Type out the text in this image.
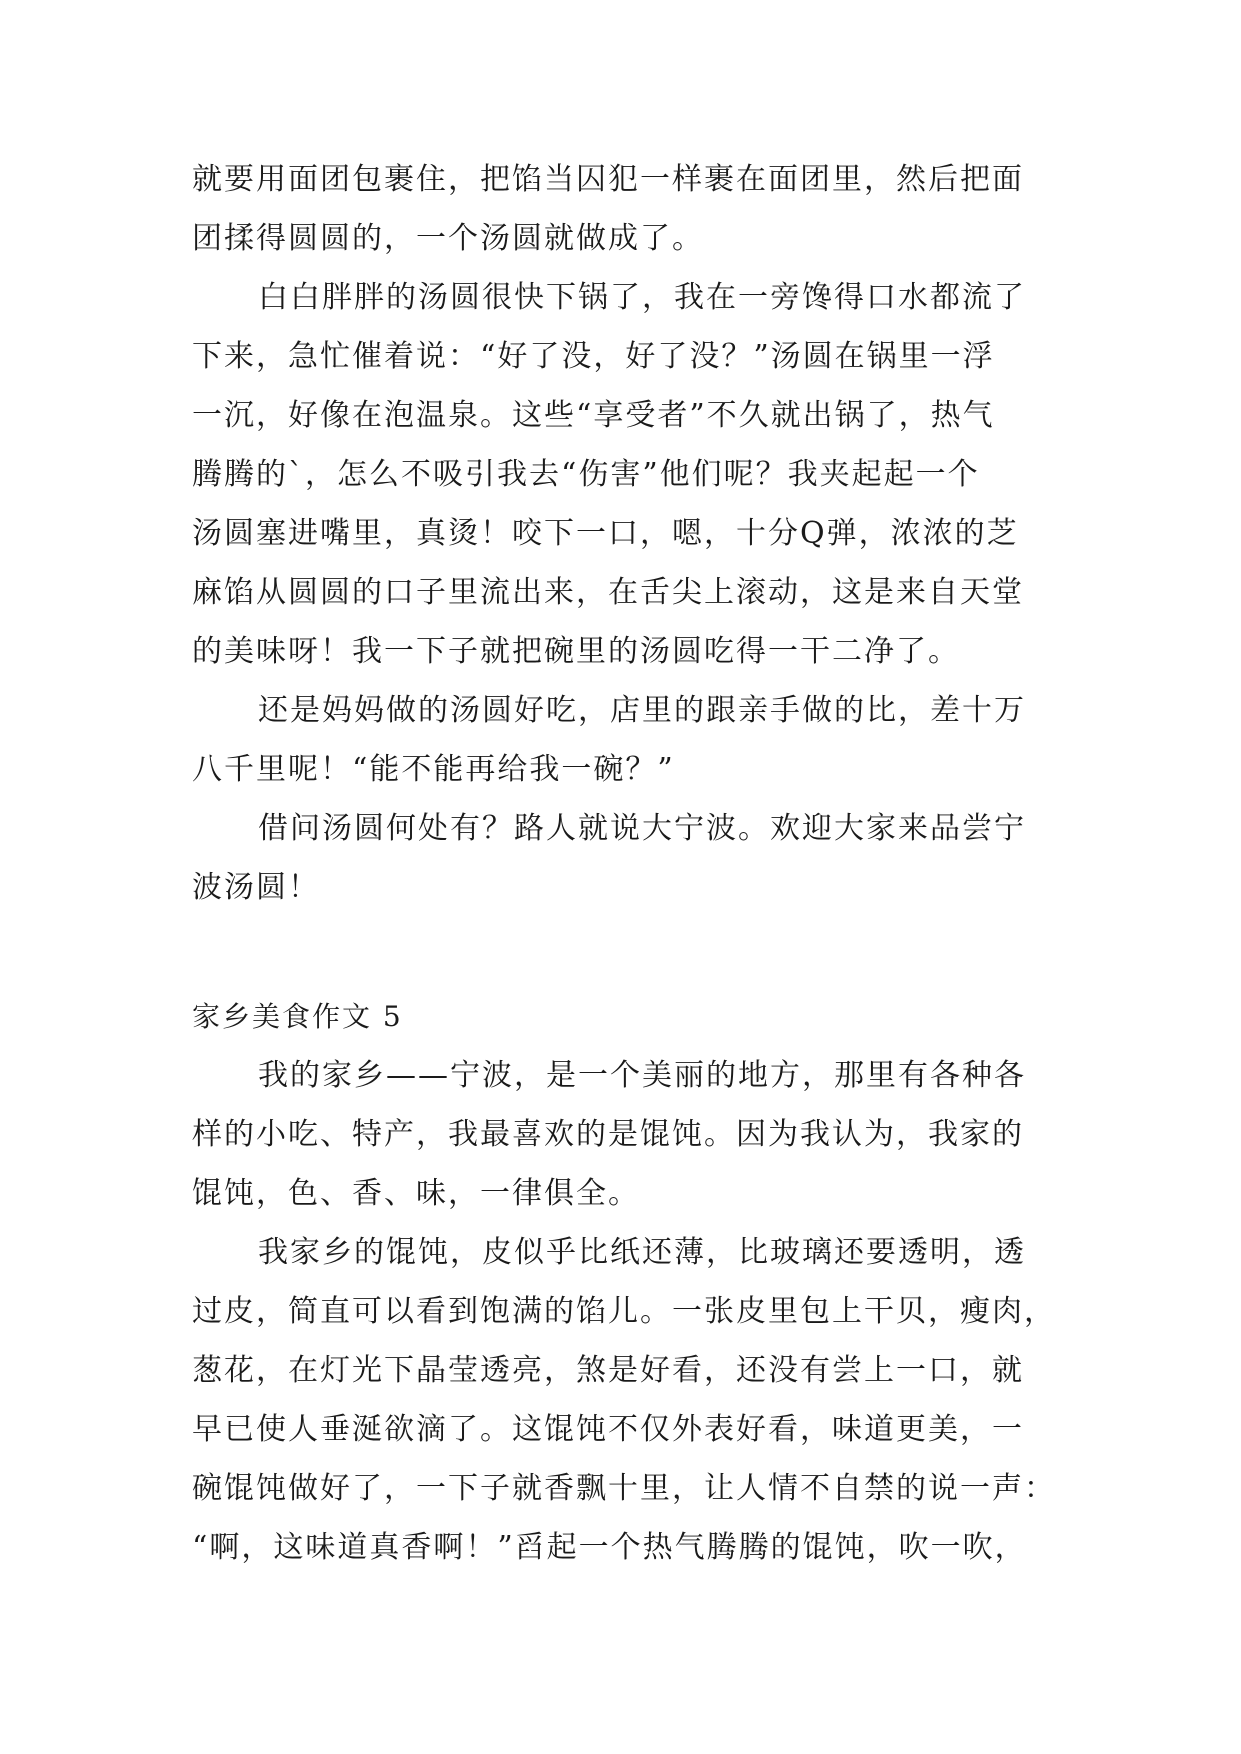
就要用面团包裹住，把馅当囚犯一样裹在面团里，然后把面
团揉得圆圆的，一个汤圆就做成了。
白白胖胖的汤圆很快下锅了，我在一旁馋得口水都流了
下来，急忙催着说：“好了没，好了没？”汤圆在锅里一浮
一沉，好像在泡温泉。这些“享受者”不久就出锅了，热气
腾腾的`，怎么不吸引我去“伤害”他们呢？我夹起起一个
汤圆塞进嘴里，真烫！咬下一口，嗯，十分Q弹，浓浓的芝
麻馅从圆圆的口子里流出来，在舌尖上滚动，这是来自天堂
的美味呀！我一下子就把碗里的汤圆吃得一干二净了。
还是妈妈做的汤圆好吃，店里的跟亲手做的比，差十万
八千里呢！“能不能再给我一碗？”
借问汤圆何处有？路人就说大宁波。欢迎大家来品尝宁
波汤圆！
家乡美食作文 5
我的家乡——宁波，是一个美丽的地方，那里有各种各
样的小吃、特产，我最喜欢的是馄饨。因为我认为，我家的
馄饨，色、香、味，一律俱全。
我家乡的馄饨，皮似乎比纸还薄，比玻璃还要透明，透
过皮，简直可以看到饱满的馅儿。一张皮里包上干贝，瘦肉，
葱花，在灯光下晶莹透亮，煞是好看，还没有尝上一口，就
早已使人垂涎欲滴了。这馄饨不仅外表好看，味道更美，一
碗馄饨做好了，一下子就香飘十里，让人情不自禁的说一声：
“啊，这味道真香啊！”舀起一个热气腾腾的馄饨，吹一吹，
